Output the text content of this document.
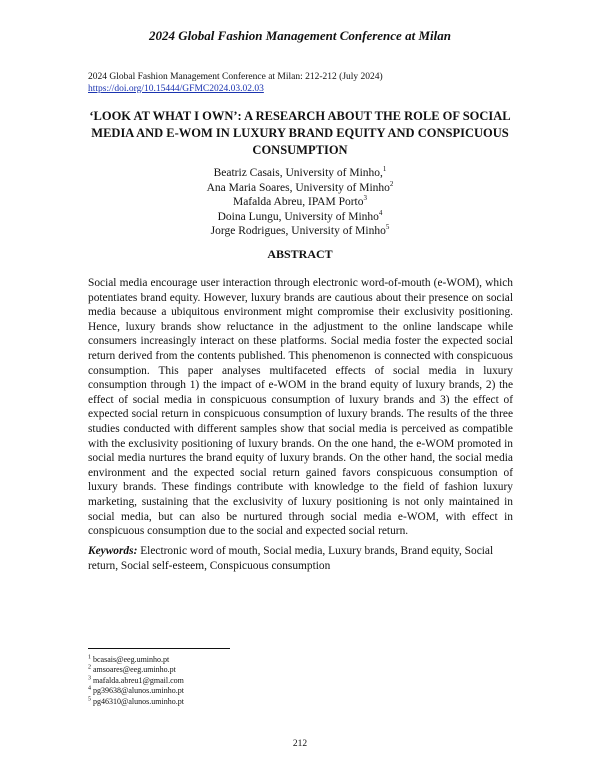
2024 Global Fashion Management Conference at Milan
2024 Global Fashion Management Conference at Milan: 212-212 (July 2024)
https://doi.org/10.15444/GFMC2024.03.02.03
‘LOOK AT WHAT I OWN’: A RESEARCH ABOUT THE ROLE OF SOCIAL MEDIA AND E-WOM IN LUXURY BRAND EQUITY AND CONSPICUOUS CONSUMPTION
Beatriz Casais, University of Minho,$^1$
Ana Maria Soares, University of Minho$^2$
Mafalda Abreu, IPAM Porto$^3$
Doina Lungu, University of Minho$^4$
Jorge Rodrigues, University of Minho$^5$
ABSTRACT

Social media encourage user interaction through electronic word-of-mouth (e-WOM), which potentiates brand equity. However, luxury brands are cautious about their presence on social media because a ubiquitous environment might compromise their exclusivity positioning. Hence, luxury brands show reluctance in the adjustment to the online landscape while consumers increasingly interact on these platforms. Social media foster the expected social return derived from the contents published. This phenomenon is connected with conspicuous consumption. This paper analyses multifaceted effects of social media in luxury consumption through 1) the impact of e-WOM in the brand equity of luxury brands, 2) the effect of social media in conspicuous consumption of luxury brands and 3) the effect of expected social return in conspicuous consumption of luxury brands. The results of the three studies conducted with different samples show that social media is perceived as compatible with the exclusivity positioning of luxury brands. On the one hand, the e-WOM promoted in social media nurtures the brand equity of luxury brands. On the other hand, the social media environment and the expected social return gained favors conspicuous consumption of luxury brands. These findings contribute with knowledge to the field of fashion luxury marketing, sustaining that the exclusivity of luxury positioning is not only maintained in social media, but can also be nurtured through social media e-WOM, with effect in conspicuous consumption due to the social and expected social return.

Keywords: Electronic word of mouth, Social media, Luxury brands, Brand equity, Social return, Social self-esteem, Conspicuous consumption

$^1$ bcasais@eeg.uminho.pt
$^2$ amsoares@eeg.uminho.pt
$^3$ mafalda.abreu1@gmail.com
$^4$ pg39638@alunos.uminho.pt
$^5$ pg46310@alunos.uminho.pt
212
